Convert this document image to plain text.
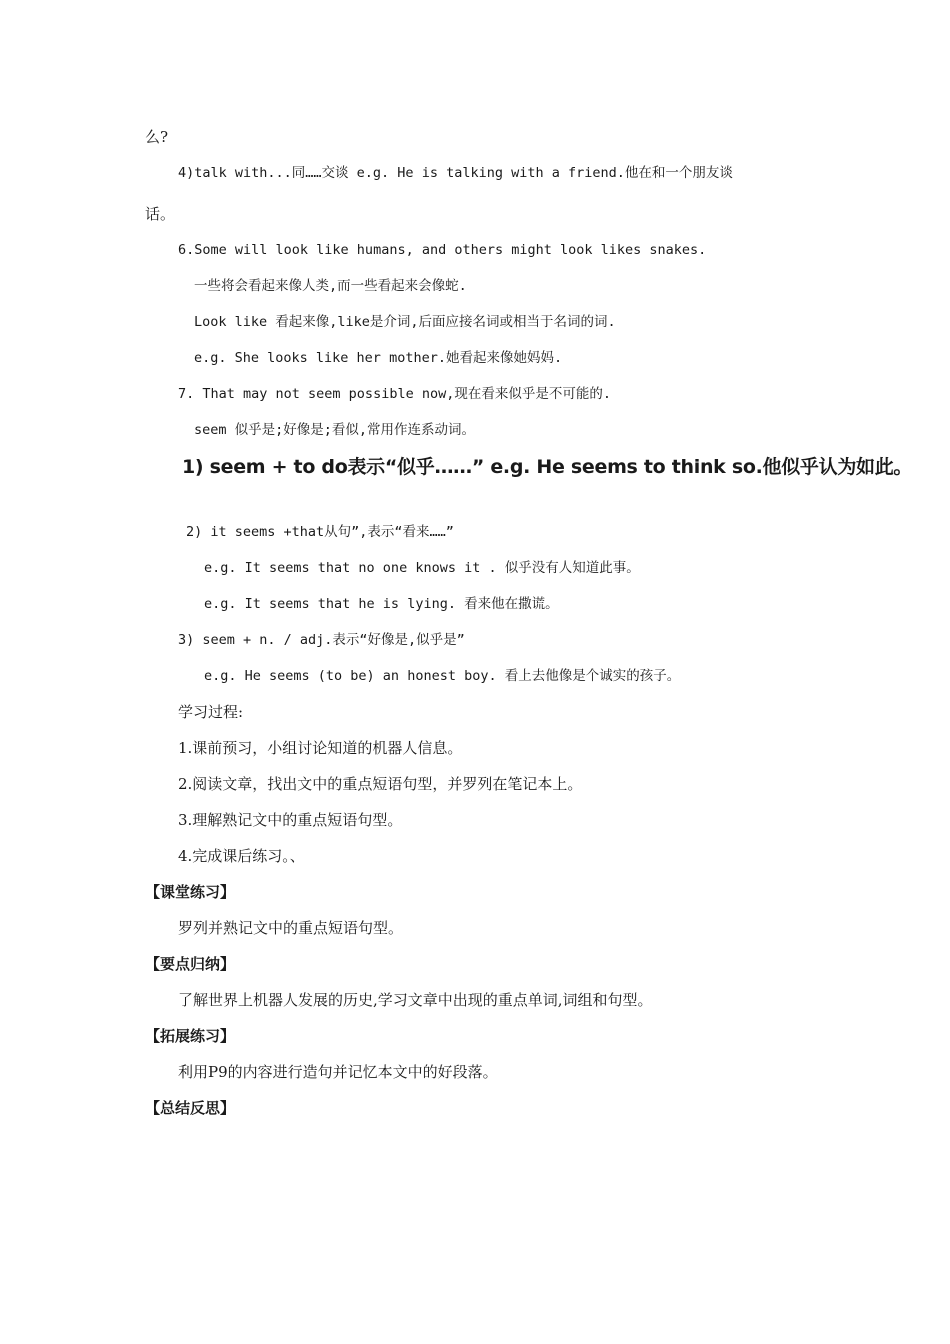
么?
4)talk with...同……交谈 e.g. He is talking with a friend.他在和一个朋友谈
话。
6.Some will look like humans, and others might look likes snakes.
一些将会看起来像人类,而一些看起来会像蛇.
Look like 看起来像,like是介词,后面应接名词或相当于名词的词.
e.g. She looks like her mother.她看起来像她妈妈.
7. That may not seem possible now,现在看来似乎是不可能的.
seem 似乎是;好像是;看似,常用作连系动词。
1) seem + to do表示“似乎……” e.g. He seems to think so.他似乎认为如此。
2) it seems +that从句”,表示“看来……”
e.g. It seems that no one knows it . 似乎没有人知道此事。
e.g. It seems that he is lying. 看来他在撒谎。
3) seem + n. / adj.表示“好像是,似乎是”
e.g. He seems (to be) an honest boy. 看上去他像是个诚实的孩子。
学习过程:
1.课前预习，小组讨论知道的机器人信息。
2.阅读文章，找出文中的重点短语句型，并罗列在笔记本上。
3.理解熟记文中的重点短语句型。
4.完成课后练习。、
【课堂练习】
罗列并熟记文中的重点短语句型。
【要点归纳】
了解世界上机器人发展的历史,学习文章中出现的重点单词,词组和句型。
【拓展练习】
利用P9的内容进行造句并记忆本文中的好段落。
【总结反思】
